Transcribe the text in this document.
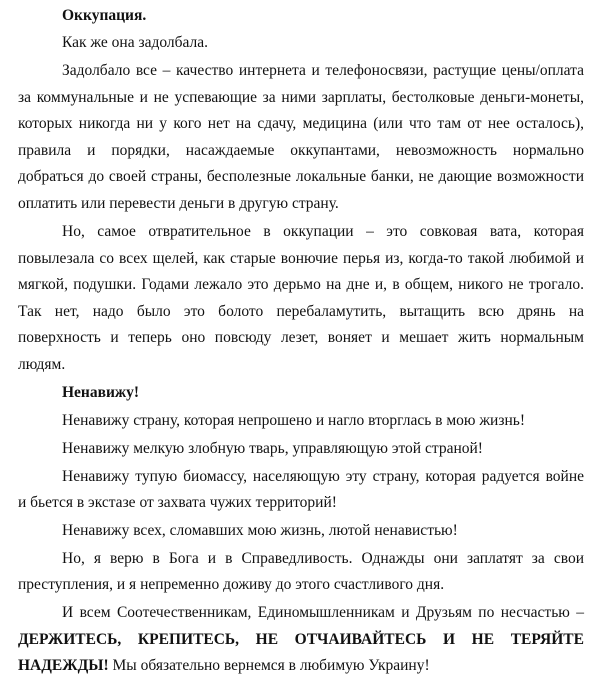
Оккупация.
Как же она задолбала.
Задолбало все – качество интернета и телефоносвязи, растущие цены/оплата
за коммунальные и не успевающие за ними зарплаты, бестолковые деньги-монеты,
которых никогда ни у кого нет на сдачу, медицина (или что там от нее осталось),
правила и порядки, насаждаемые оккупантами, невозможность нормально
добраться до своей страны, бесполезные локальные банки, не дающие возможности
оплатить или перевести деньги в другую страну.
Но, самое отвратительное в оккупации – это совковая вата, которая
повылезала со всех щелей, как старые вонючие перья из, когда-то такой любимой и
мягкой, подушки. Годами лежало это дерьмо на дне и, в общем, никого не трогало.
Так нет, надо было это болото перебаламутить, вытащить всю дрянь на
поверхность и теперь оно повсюду лезет, воняет и мешает жить нормальным
людям.
Ненавижу!
Ненавижу страну, которая непрошено и нагло вторглась в мою жизнь!
Ненавижу мелкую злобную тварь, управляющую этой страной!
Ненавижу тупую биомассу, населяющую эту страну, которая радуется войне
и бьется в экстазе от захвата чужих территорий!
Ненавижу всех, сломавших мою жизнь, лютой ненавистью!
Но, я верю в Бога и в Справедливость. Однажды они заплатят за свои
преступления, и я непременно доживу до этого счастливого дня.
И всем Соотечественникам, Единомышленникам и Друзьям по несчастью –
ДЕРЖИТЕСЬ, КРЕПИТЕСЬ, НЕ ОТЧАИВАЙТЕСЬ И НЕ ТЕРЯЙТЕ
НАДЕЖДЫ! Мы обязательно вернемся в любимую Украину!
